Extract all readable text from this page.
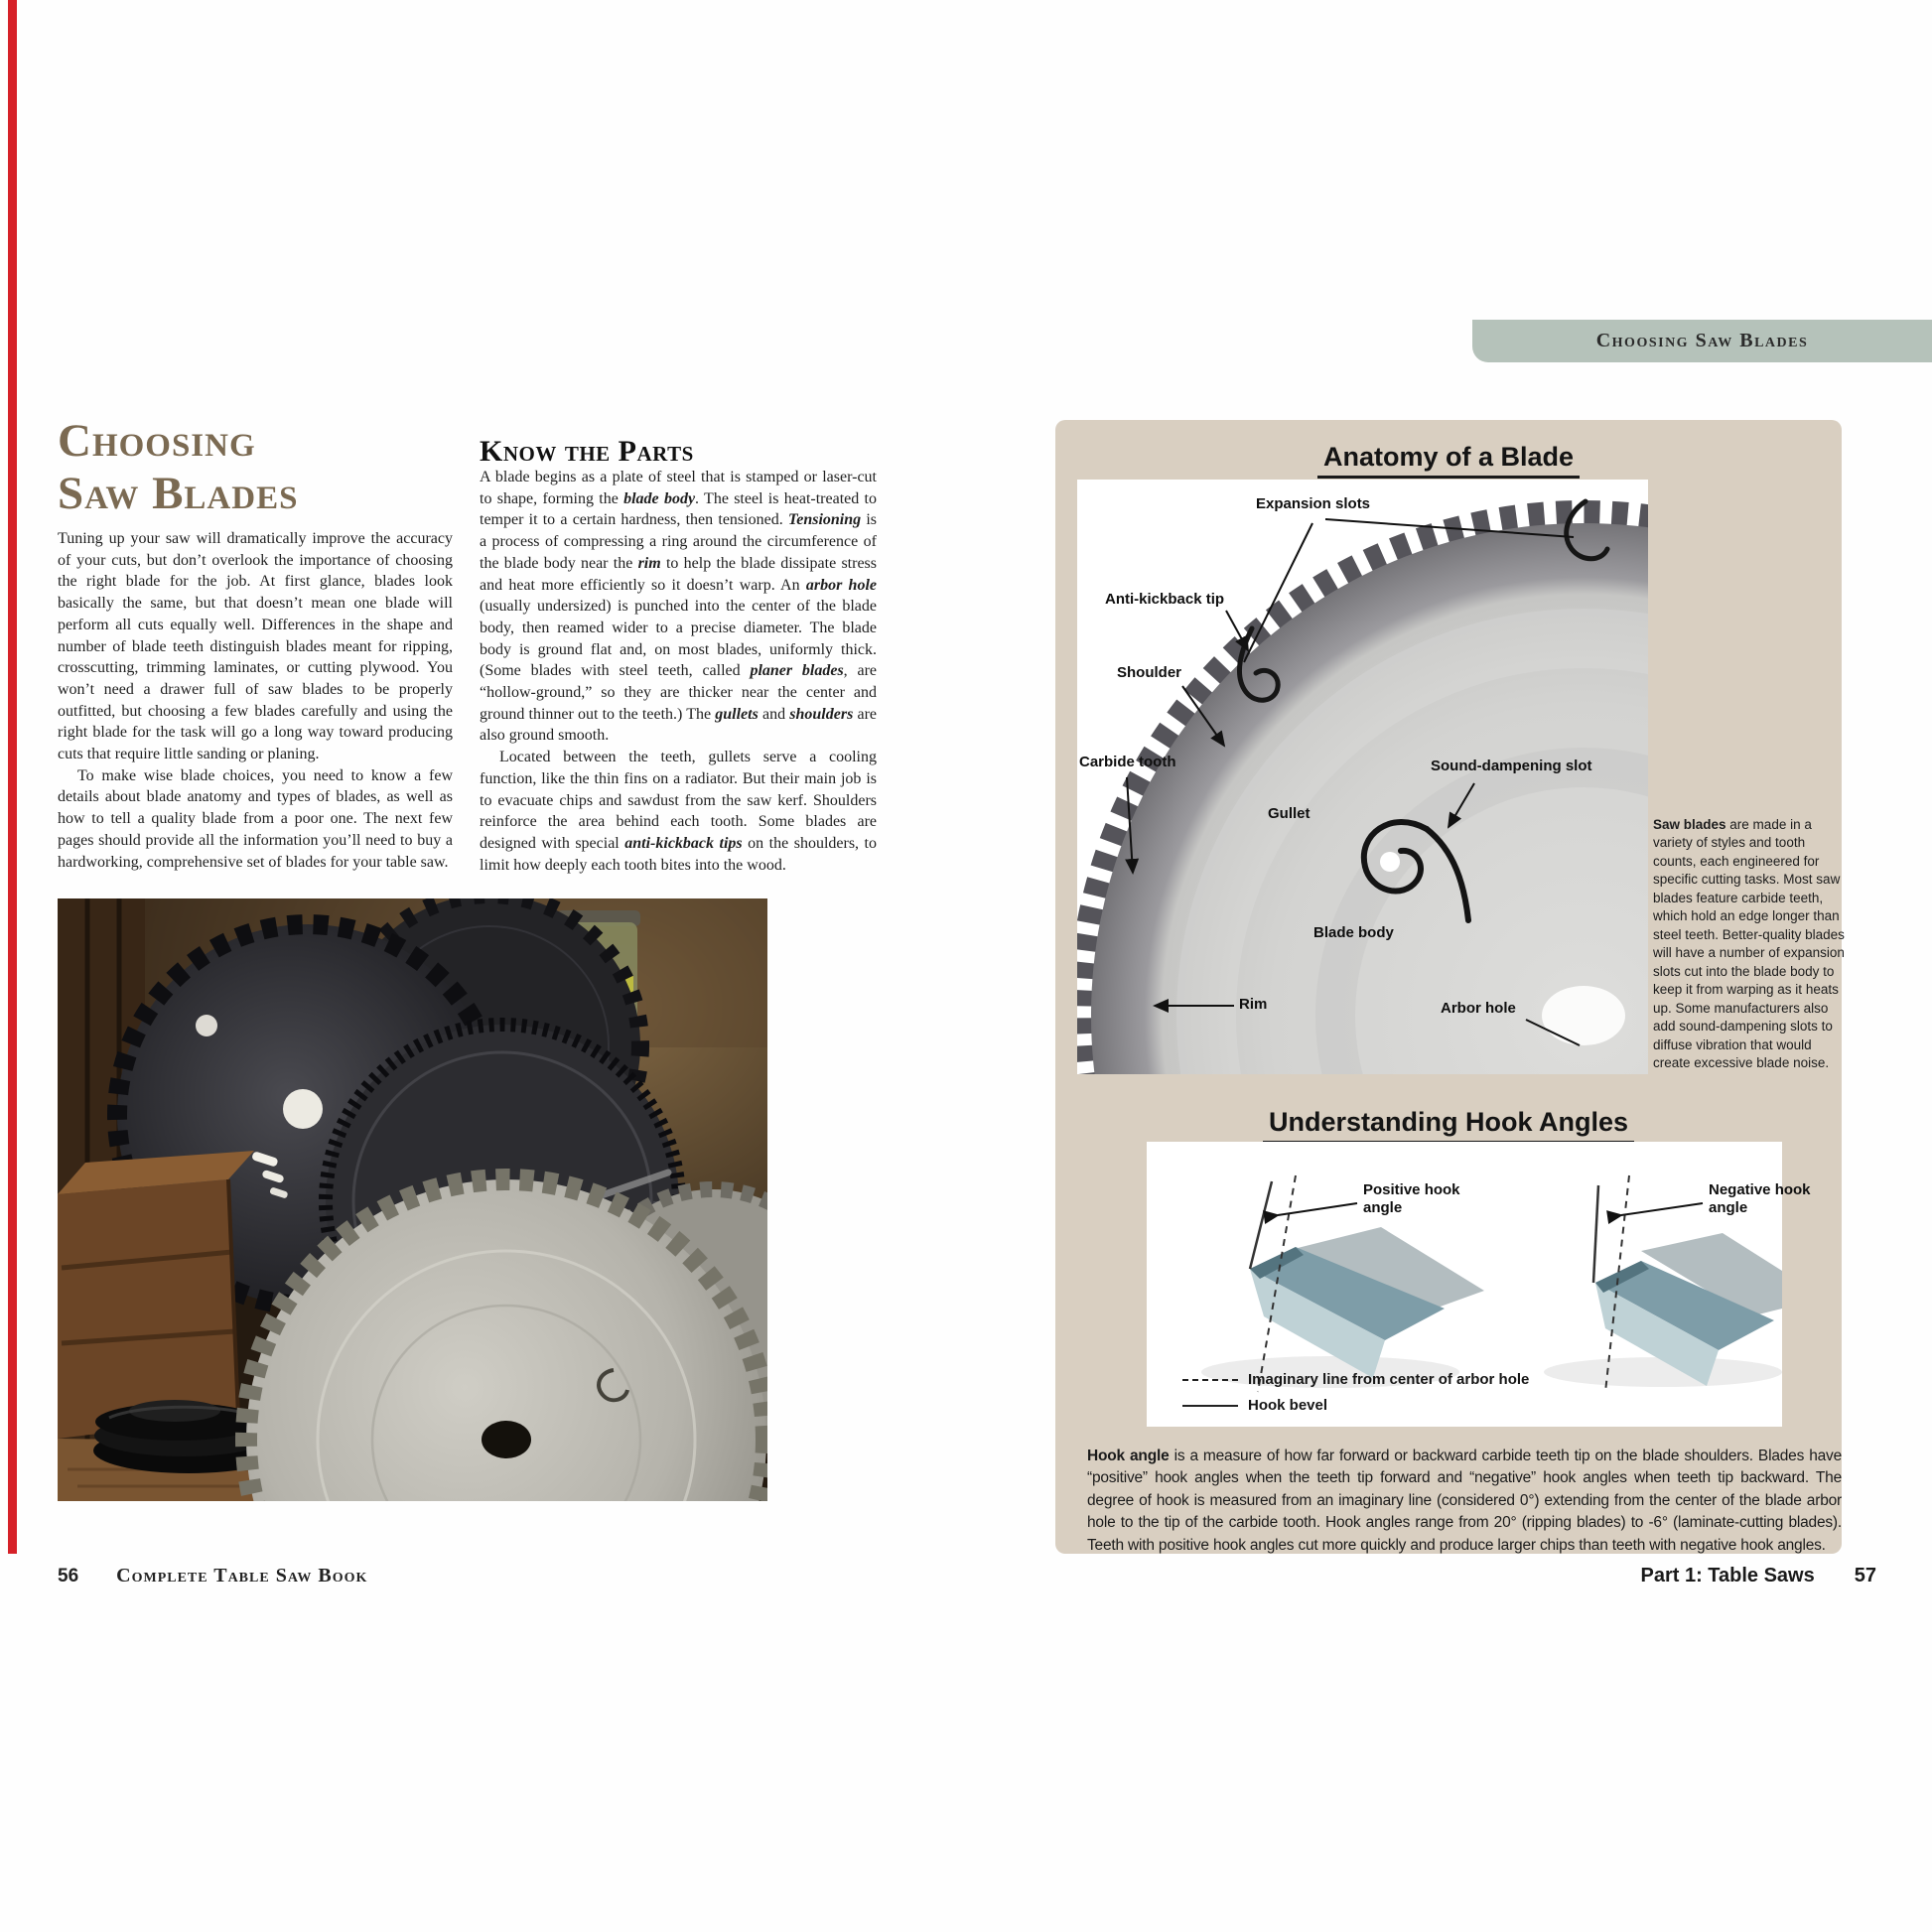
Choosing
Saw Blades

Tuning up your saw will dramatically improve the accuracy of your cuts, but don’t overlook the importance of choosing the right blade for the job. At first glance, blades look basically the same, but that doesn’t mean one blade will perform all cuts equally well. Differences in the shape and number of blade teeth distinguish blades meant for ripping, crosscutting, trimming laminates, or cutting plywood. You won’t need a drawer full of saw blades to be properly outfitted, but choosing a few blades carefully and using the right blade for the task will go a long way toward producing cuts that require little sanding or planing.

To make wise blade choices, you need to know a few details about blade anatomy and types of blades, as well as how to tell a quality blade from a poor one. The next few pages should provide all the information you’ll need to buy a hardworking, comprehensive set of blades for your table saw.

Know the Parts

A blade begins as a plate of steel that is stamped or laser-cut to shape, forming the blade body. The steel is heat-treated to temper it to a certain hardness, then tensioned. Tensioning is a process of compressing a ring around the circumference of the blade body near the rim to help the blade dissipate stress and heat more efficiently so it doesn’t warp. An arbor hole (usually undersized) is punched into the center of the blade body, then reamed wider to a precise diameter. The blade body is ground flat and, on most blades, uniformly thick. (Some blades with steel teeth, called planer blades, are “hollow-ground,” so they are thicker near the center and ground thinner out to the teeth.) The gullets and shoulders are also ground smooth.

Located between the teeth, gullets serve a cooling function, like the thin fins on a radiator. But their main job is to evacuate chips and sawdust from the saw kerf. Shoulders reinforce the area behind each tooth. Some blades are designed with special anti-kickback tips on the shoulders, to limit how deeply each tooth bites into the wood.

56 Complete Table Saw Book
Choosing Saw Blades
Anatomy of a Blade
Expansion slots
Anti-kickback tip
Shoulder
Carbide tooth
Gullet
Sound-dampening slot
Blade body
Rim	Arbor hole

Saw blades are made in a variety of styles and tooth counts, each engineered for specific cutting tasks. Most saw blades feature carbide teeth, which hold an edge longer than steel teeth. Better-quality blades will have a number of expansion slots cut into the blade body to keep it from warping as it heats up. Some manufacturers also add sound-dampening slots to diffuse vibration that would create excessive blade noise.

Understanding Hook Angles
Positive hook angle
Negative hook angle
Imaginary line from center of arbor hole
Hook bevel

Hook angle is a measure of how far forward or backward carbide teeth tip on the blade shoulders. Blades have “positive” hook angles when the teeth tip forward and “negative” hook angles when teeth tip backward. The degree of hook is measured from an imaginary line (considered 0°) extending from the center of the blade arbor hole to the tip of the carbide tooth. Hook angles range from 20° (ripping blades) to -6° (laminate-cutting blades). Teeth with positive hook angles cut more quickly and produce larger chips than teeth with negative hook angles.

Part 1: Table Saws 57
